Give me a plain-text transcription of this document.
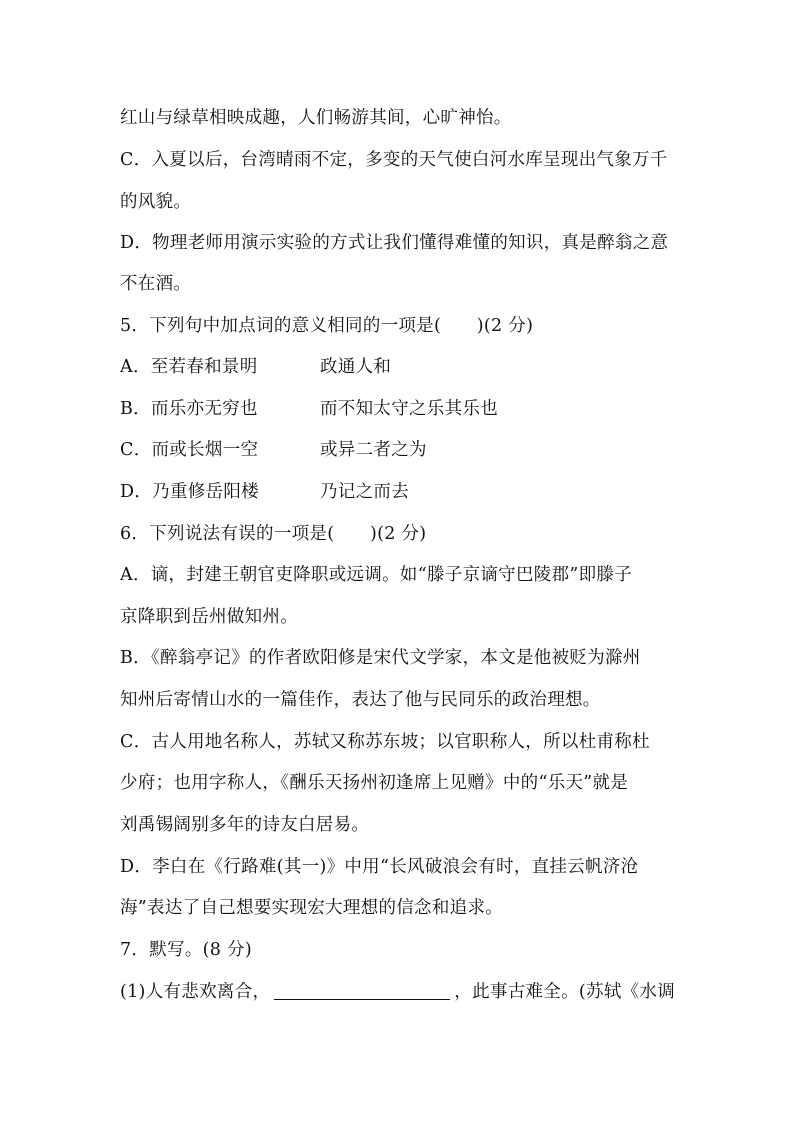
红山与绿草相映成趣，人们畅游其间，心旷神怡。
C．入夏以后，台湾晴雨不定，多变的天气使白河水库呈现出气象万千
的风貌。
D．物理老师用演示实验的方式让我们懂得难懂的知识，真是醉翁之意
不在酒。
5．下列句中加点词的意义相同的一项是(　　)(2 分)
A．至若春和景明	政通人和
B．而乐亦无穷也	而不知太守之乐其乐也
C．而或长烟一空	或异二者之为
D．乃重修岳阳楼	乃记之而去
6．下列说法有误的一项是(　　)(2 分)
A．谪，封建王朝官吏降职或远调。如“滕子京谪守巴陵郡”即滕子
京降职到岳州做知州。
B．《醉翁亭记》的作者欧阳修是宋代文学家，本文是他被贬为滁州
知州后寄情山水的一篇佳作，表达了他与民同乐的政治理想。
C．古人用地名称人，苏轼又称苏东坡；以官职称人，所以杜甫称杜
少府；也用字称人，《酬乐天扬州初逢席上见赠》中的“乐天”就是
刘禹锡阔别多年的诗友白居易。
D．李白在《行路难(其一)》中用“长风破浪会有时，直挂云帆济沧
海”表达了自己想要实现宏大理想的信念和追求。
7．默写。(8 分)
(1)人有悲欢离合，	，此事古难全。(苏轼《水调
